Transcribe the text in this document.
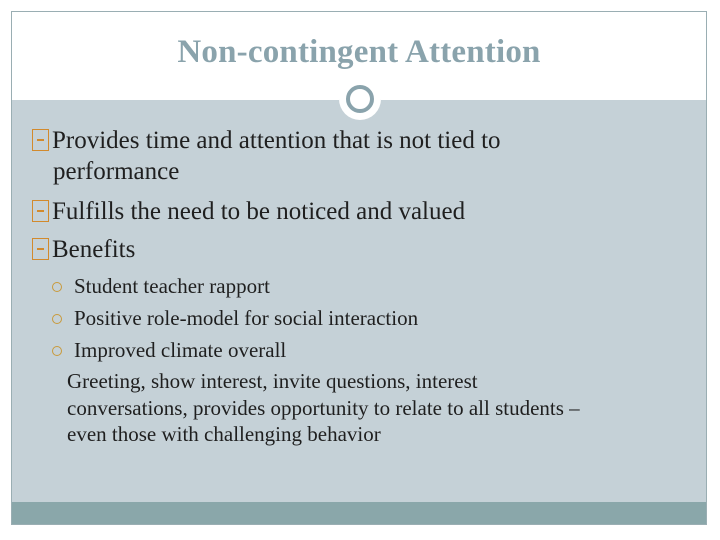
Non-contingent Attention
Provides time and attention that is not tied to
performance
Fulfills the need to be noticed and valued
Benefits
Student teacher rapport
Positive role-model for social interaction
Improved climate overall
Greeting, show interest, invite questions, interest
conversations, provides opportunity to relate to all students –
even those with challenging behavior
